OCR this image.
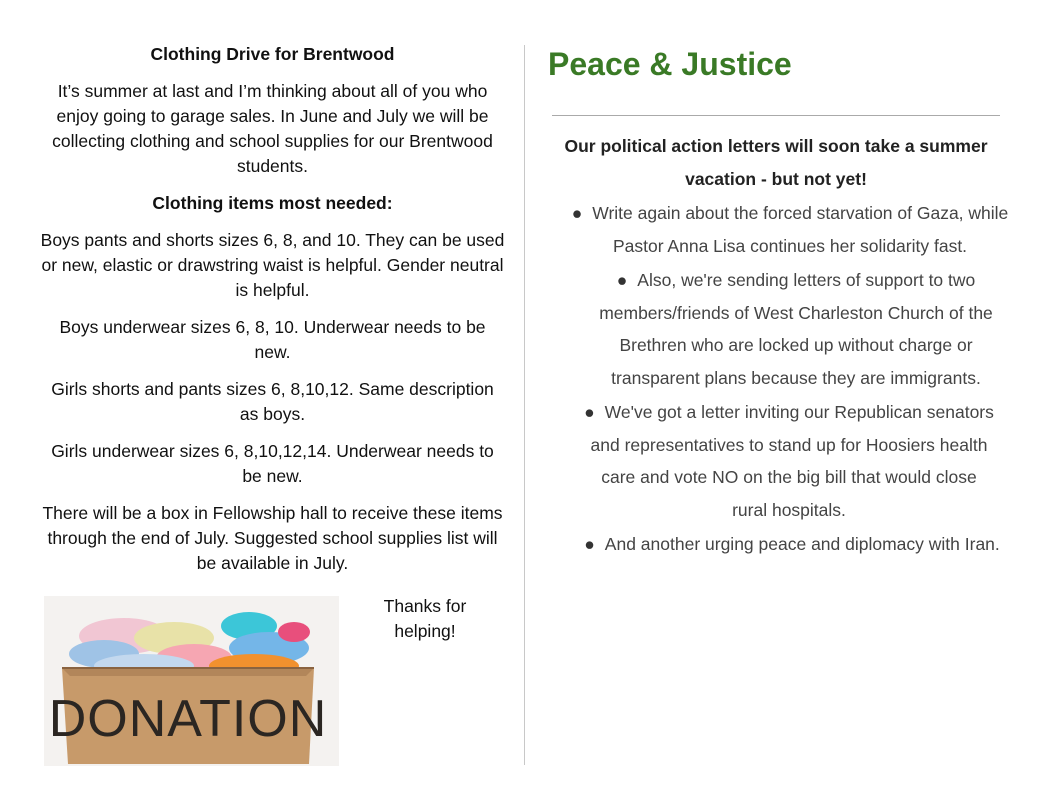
Clothing Drive for Brentwood

It’s summer at last and I’m thinking about all of you who enjoy going to garage sales. In June and July we will be collecting clothing and school supplies for our Brentwood students.

Clothing items most needed:

Boys pants and shorts sizes 6, 8, and 10. They can be used or new, elastic or drawstring waist is helpful. Gender neutral is helpful.

Boys underwear sizes 6, 8, 10. Underwear needs to be new.

Girls shorts and pants sizes 6, 8,10,12. Same description as boys.

Girls underwear sizes 6, 8,10,12,14. Underwear needs to be new.

There will be a box in Fellowship hall to receive these items through the end of July. Suggested school supplies list will be available in July.

DONATION
Thanks for helping!
Peace & Justice
Our political action letters will soon take a summer vacation - but not yet!
● Write again about the forced starvation of Gaza, while Pastor Anna Lisa continues her solidarity fast.
● Also, we're sending letters of support to two members/friends of West Charleston Church of the Brethren who are locked up without charge or transparent plans because they are immigrants.
● We've got a letter inviting our Republican senators and representatives to stand up for Hoosiers health care and vote NO on the big bill that would close rural hospitals.
● And another urging peace and diplomacy with Iran.
